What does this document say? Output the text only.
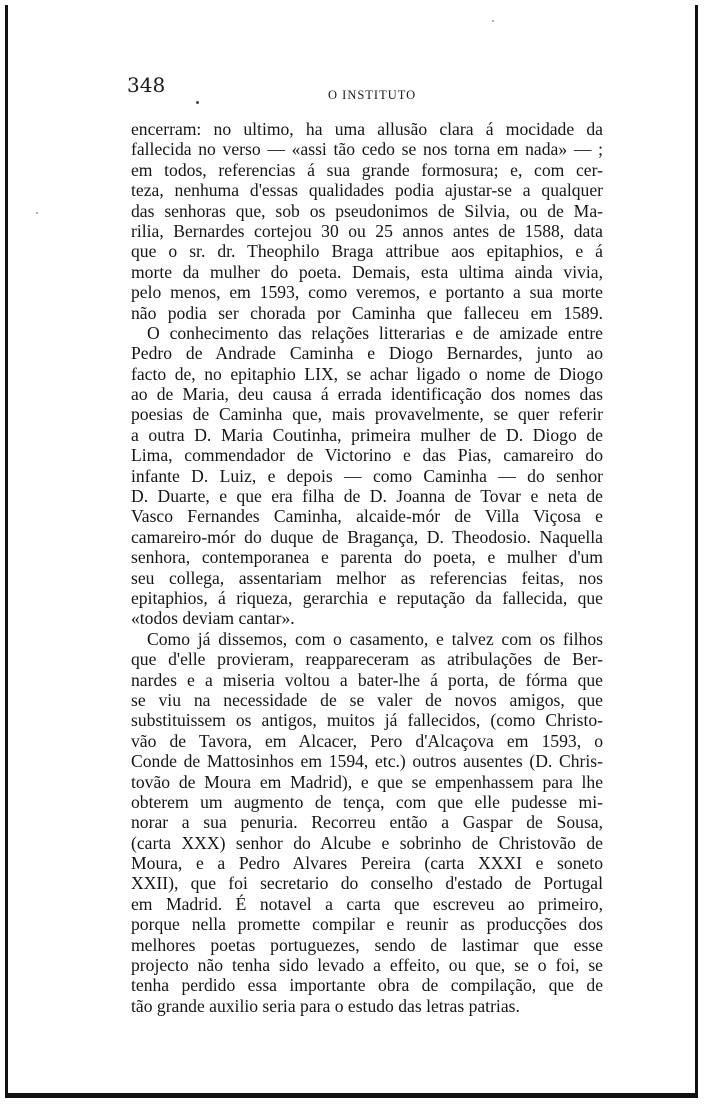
348	O INSTITUTO
encerram: no ultimo, ha uma allusão clara á mocidade da
fallecida no verso — «assi tão cedo se nos torna em nada» — ;
em todos, referencias á sua grande formosura; e, com cer-
teza, nenhuma d'essas qualidades podia ajustar-se a qualquer
das senhoras que, sob os pseudonimos de Silvia, ou de Ma-
rilia, Bernardes cortejou 30 ou 25 annos antes de 1588, data
que o sr. dr. Theophilo Braga attribue aos epitaphios, e á
morte da mulher do poeta. Demais, esta ultima ainda vivia,
pelo menos, em 1593, como veremos, e portanto a sua morte
não podia ser chorada por Caminha que falleceu em 1589.
O conhecimento das relações litterarias e de amizade entre
Pedro de Andrade Caminha e Diogo Bernardes, junto ao
facto de, no epitaphio LIX, se achar ligado o nome de Diogo
ao de Maria, deu causa á errada identificação dos nomes das
poesias de Caminha que, mais provavelmente, se quer referir
a outra D. Maria Coutinha, primeira mulher de D. Diogo de
Lima, commendador de Victorino e das Pias, camareiro do
infante D. Luiz, e depois — como Caminha — do senhor
D. Duarte, e que era filha de D. Joanna de Tovar e neta de
Vasco Fernandes Caminha, alcaide-mór de Villa Viçosa e
camareiro-mór do duque de Bragança, D. Theodosio. Naquella
senhora, contemporanea e parenta do poeta, e mulher d'um
seu collega, assentariam melhor as referencias feitas, nos
epitaphios, á riqueza, gerarchia e reputação da fallecida, que
«todos deviam cantar».
Como já dissemos, com o casamento, e talvez com os filhos
que d'elle provieram, reappareceram as atribulações de Ber-
nardes e a miseria voltou a bater-lhe á porta, de fórma que
se viu na necessidade de se valer de novos amigos, que
substituissem os antigos, muitos já fallecidos, (como Christo-
vão de Tavora, em Alcacer, Pero d'Alcaçova em 1593, o
Conde de Mattosinhos em 1594, etc.) outros ausentes (D. Chris-
tovão de Moura em Madrid), e que se empenhassem para lhe
obterem um augmento de tença, com que elle pudesse mi-
norar a sua penuria. Recorreu então a Gaspar de Sousa,
(carta XXX) senhor do Alcube e sobrinho de Christovão de
Moura, e a Pedro Alvares Pereira (carta XXXI e soneto
XXII), que foi secretario do conselho d'estado de Portugal
em Madrid. É notavel a carta que escreveu ao primeiro,
porque nella promette compilar e reunir as producções dos
melhores poetas portuguezes, sendo de lastimar que esse
projecto não tenha sido levado a effeito, ou que, se o foi, se
tenha perdido essa importante obra de compilação, que de
tão grande auxilio seria para o estudo das letras patrias.
